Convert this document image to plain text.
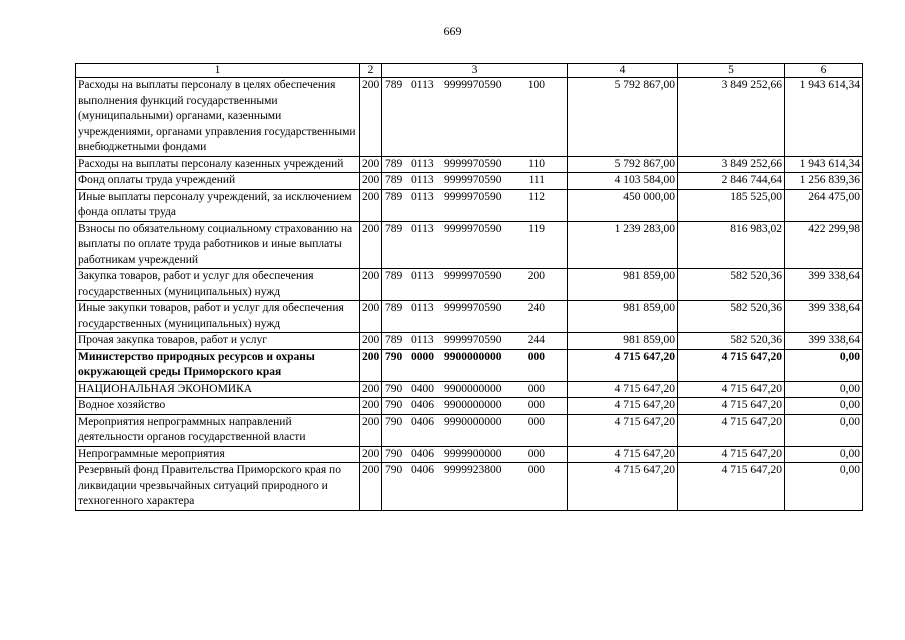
669
1	2	3	4	5	6
Расходы на выплаты персоналу в целях обеспечения выполнения функций государственными (муниципальными) органами, казенными учреждениями, органами управления государственными внебюджетными фондами	200	789 0113 9999970590 100	5 792 867,00	3 849 252,66	1 943 614,34
Расходы на выплаты персоналу казенных учреждений	200	789 0113 9999970590 110	5 792 867,00	3 849 252,66	1 943 614,34
Фонд оплаты труда учреждений	200	789 0113 9999970590 111	4 103 584,00	2 846 744,64	1 256 839,36
Иные выплаты персоналу учреждений, за исключением фонда оплаты труда	200	789 0113 9999970590 112	450 000,00	185 525,00	264 475,00
Взносы по обязательному социальному страхованию на выплаты по оплате труда работников и иные выплаты работникам учреждений	200	789 0113 9999970590 119	1 239 283,00	816 983,02	422 299,98
Закупка товаров, работ и услуг для обеспечения государственных (муниципальных) нужд	200	789 0113 9999970590 200	981 859,00	582 520,36	399 338,64
Иные закупки товаров, работ и услуг для обеспечения государственных (муниципальных) нужд	200	789 0113 9999970590 240	981 859,00	582 520,36	399 338,64
Прочая закупка товаров, работ и услуг	200	789 0113 9999970590 244	981 859,00	582 520,36	399 338,64
Министерство природных ресурсов и охраны окружающей среды Приморского края	200	790 0000 9900000000 000	4 715 647,20	4 715 647,20	0,00
НАЦИОНАЛЬНАЯ ЭКОНОМИКА	200	790 0400 9900000000 000	4 715 647,20	4 715 647,20	0,00
Водное хозяйство	200	790 0406 9900000000 000	4 715 647,20	4 715 647,20	0,00
Мероприятия непрограммных направлений деятельности органов государственной власти	200	790 0406 9990000000 000	4 715 647,20	4 715 647,20	0,00
Непрограммные мероприятия	200	790 0406 9999900000 000	4 715 647,20	4 715 647,20	0,00
Резервный фонд Правительства Приморского края по ликвидации чрезвычайных ситуаций природного и техногенного характера	200	790 0406 9999923800 000	4 715 647,20	4 715 647,20	0,00
